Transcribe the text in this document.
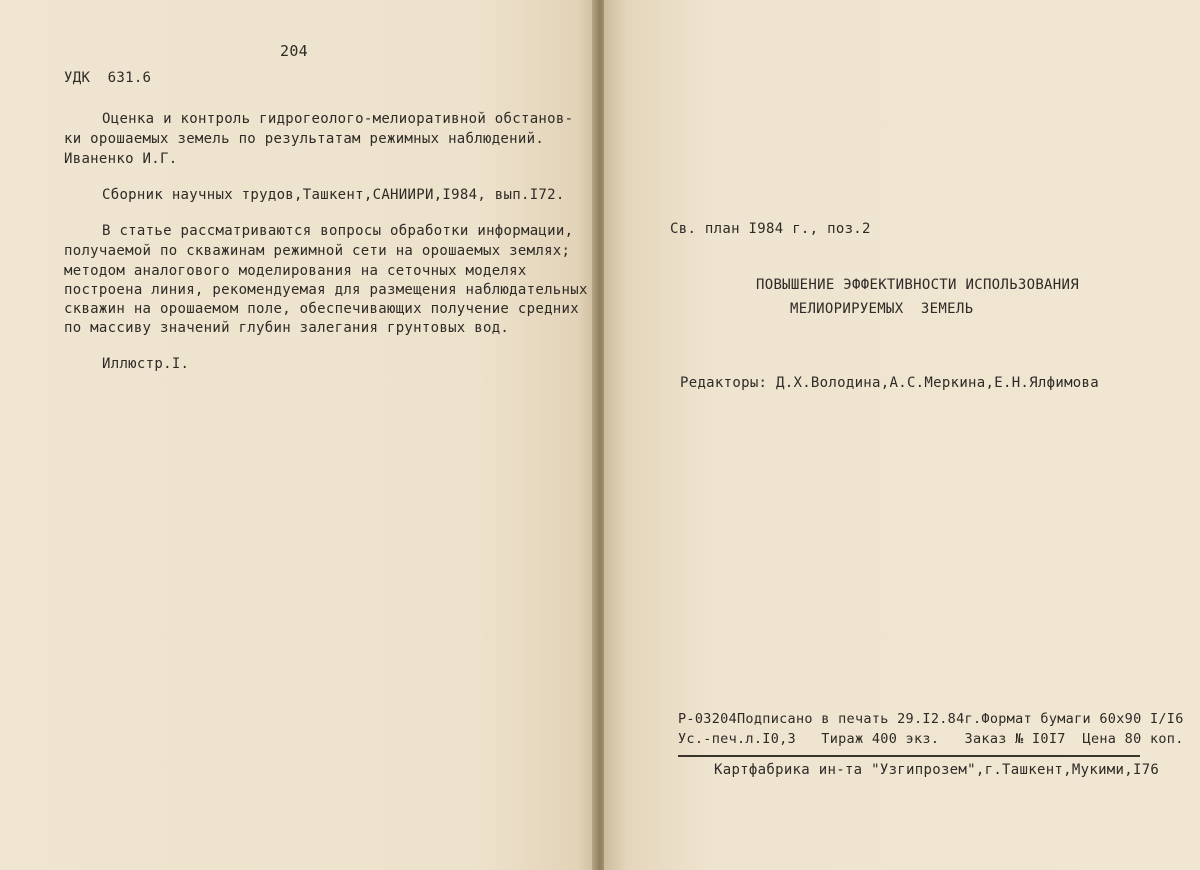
204
УДК  631.6
Оценка и контроль гидрогеолого-мелиоративной обстанов-
ки орошаемых земель по результатам режимных наблюдений.
Иваненко И.Г.
Сборник научных трудов,Ташкент,САНИИРИ,I984, вып.I72.
В статье рассматриваются вопросы обработки информации,
получаемой по скважинам режимной сети на орошаемых землях;
методом аналогового моделирования на сеточных моделях
построена линия, рекомендуемая для размещения наблюдательных
скважин на орошаемом поле, обеспечивающих получение средних
по массиву значений глубин залегания грунтовых вод.
Иллюстр.I.
Св. план I984 г., поз.2
ПОВЫШЕНИЕ ЭФФЕКТИВНОСТИ ИСПОЛЬЗОВАНИЯ
МЕЛИОРИРУЕМЫХ  ЗЕМЕЛЬ
Редакторы: Д.Х.Володина,А.С.Меркина,Е.Н.Ялфимова
Р-03204Подписано в печать 29.I2.84г.Формат бумаги 60х90 I/I6
Ус.-печ.л.I0,3   Тираж 400 экз.   Заказ № I0I7  Цена 80 коп.
Картфабрика ин-та "Узгипрозем",г.Ташкент,Мукими,I76
